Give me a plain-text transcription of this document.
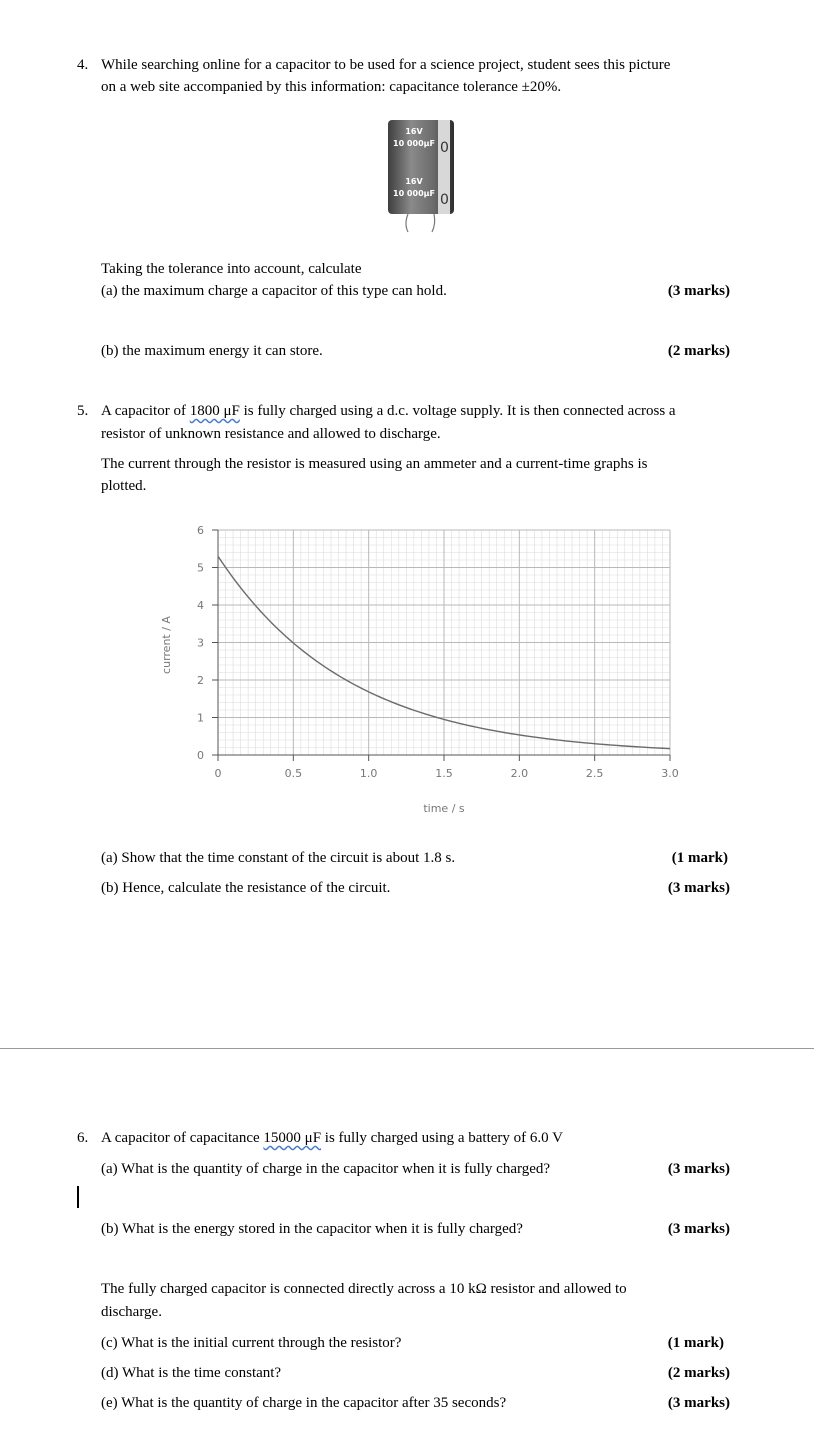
4. While searching online for a capacitor to be used for a science project, student sees this picture
on a web site accompanied by this information: capacitance tolerance ±20%.
0
0
16V
10 000μF
16V
10 000μF
Taking the tolerance into account, calculate
(a) the maximum charge a capacitor of this type can hold.	(3 marks)
(b) the maximum energy it can store.	(2 marks)
5. A capacitor of 1800 μF is fully charged using a d.c. voltage supply. It is then connected across a
resistor of unknown resistance and allowed to discharge.
The current through the resistor is measured using an ammeter and a current-time graphs is
plotted.
0
1
2
3
4
5
6
0	0.5	1.0	1.5	2.0	2.5	3.0
time / s
current / A
(a) Show that the time constant of the circuit is about 1.8 s.	(1 mark)
(b) Hence, calculate the resistance of the circuit.	(3 marks)
6. A capacitor of capacitance 15000 μF is fully charged using a battery of 6.0 V
(a) What is the quantity of charge in the capacitor when it is fully charged?	(3 marks)
(b) What is the energy stored in the capacitor when it is fully charged?	(3 marks)
The fully charged capacitor is connected directly across a 10 kΩ resistor and allowed to
discharge.
(c) What is the initial current through the resistor?	(1 mark)
(d) What is the time constant?	(2 marks)
(e) What is the quantity of charge in the capacitor after 35 seconds?	(3 marks)
